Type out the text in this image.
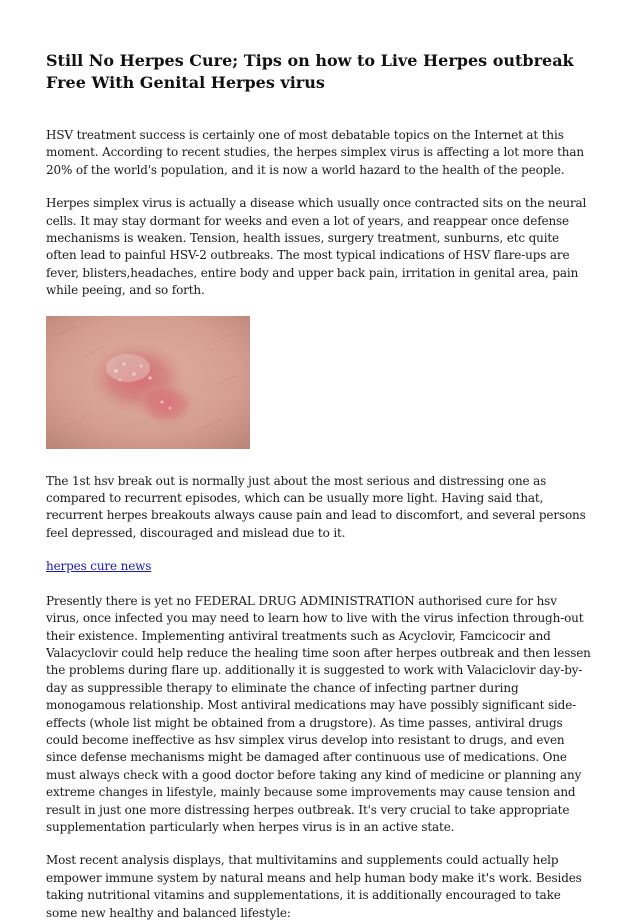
Still No Herpes Cure; Tips on how to Live Herpes outbreak Free With Genital Herpes virus

HSV treatment success is certainly one of most debatable topics on the Internet at this moment. According to recent studies, the herpes simplex virus is affecting a lot more than 20% of the world's population, and it is now a world hazard to the health of the people.

Herpes simplex virus is actually a disease which usually once contracted sits on the neural cells. It may stay dormant for weeks and even a lot of years, and reappear once defense mechanisms is weaken. Tension, health issues, surgery treatment, sunburns, etc quite often lead to painful HSV-2 outbreaks. The most typical indications of HSV flare-ups are fever, blisters,headaches, entire body and upper back pain, irritation in genital area, pain while peeing, and so forth.

The 1st hsv break out is normally just about the most serious and distressing one as compared to recurrent episodes, which can be usually more light. Having said that, recurrent herpes breakouts always cause pain and lead to discomfort, and several persons feel depressed, discouraged and mislead due to it.

herpes cure news

Presently there is yet no FEDERAL DRUG ADMINISTRATION authorised cure for hsv virus, once infected you may need to learn how to live with the virus infection through-out their existence. Implementing antiviral treatments such as Acyclovir, Famcicocir and Valacyclovir could help reduce the healing time soon after herpes outbreak and then lessen the problems during flare up. additionally it is suggested to work with Valaciclovir day-by-day as suppressible therapy to eliminate the chance of infecting partner during monogamous relationship. Most antiviral medications may have possibly significant side-effects (whole list might be obtained from a drugstore). As time passes, antiviral drugs could become ineffective as hsv simplex virus develop into resistant to drugs, and even since defense mechanisms might be damaged after continuous use of medications. One must always check with a good doctor before taking any kind of medicine or planning any extreme changes in lifestyle, mainly because some improvements may cause tension and result in just one more distressing herpes outbreak. It's very crucial to take appropriate supplementation particularly when herpes virus is in an active state.

Most recent analysis displays, that multivitamins and supplements could actually help empower immune system by natural means and help human body make it's work. Besides taking nutritional vitamins and supplementations, it is additionally encouraged to take some new healthy and balanced lifestyle:
